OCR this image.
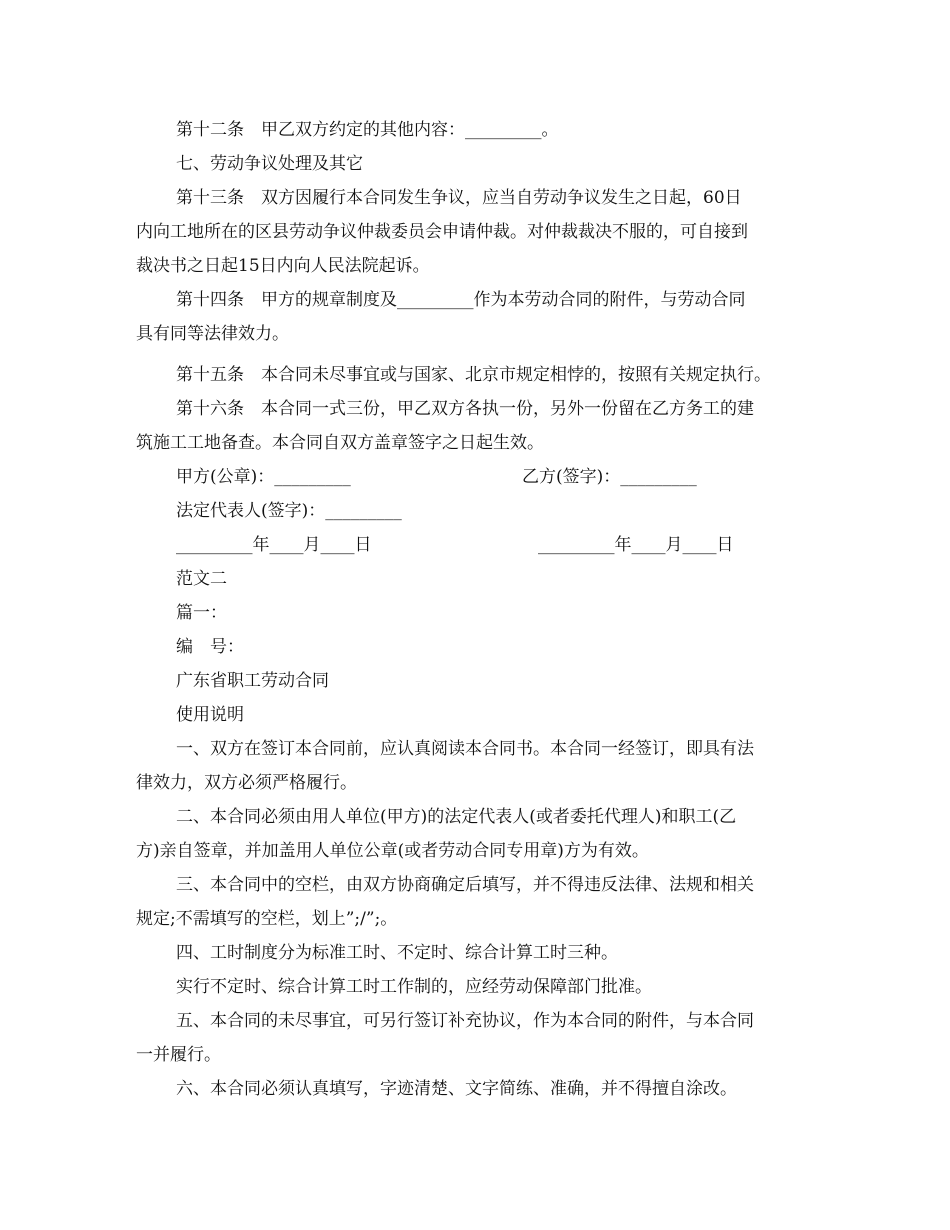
第十二条　甲乙双方约定的其他内容：_________。
七、劳动争议处理及其它
第十三条　双方因履行本合同发生争议，应当自劳动争议发生之日起，60日
内向工地所在的区县劳动争议仲裁委员会申请仲裁。对仲裁裁决不服的，可自接到
裁决书之日起15日内向人民法院起诉。
第十四条　甲方的规章制度及_________作为本劳动合同的附件，与劳动合同
具有同等法律效力。
第十五条　本合同未尽事宜或与国家、北京市规定相悖的，按照有关规定执行。
第十六条　本合同一式三份，甲乙双方各执一份，另外一份留在乙方务工的建
筑施工工地备查。本合同自双方盖章签字之日起生效。
甲方(公章)：_________	乙方(签字)：_________
法定代表人(签字)：_________
_________年____月____日	_________年____月____日
范文二
篇一：
编　号：
广东省职工劳动合同
使用说明
一、双方在签订本合同前，应认真阅读本合同书。本合同一经签订，即具有法
律效力，双方必须严格履行。
二、本合同必须由用人单位(甲方)的法定代表人(或者委托代理人)和职工(乙
方)亲自签章，并加盖用人单位公章(或者劳动合同专用章)方为有效。
三、本合同中的空栏，由双方协商确定后填写，并不得违反法律、法规和相关
规定;不需填写的空栏，划上”;/”;。
四、工时制度分为标准工时、不定时、综合计算工时三种。
实行不定时、综合计算工时工作制的，应经劳动保障部门批准。
五、本合同的未尽事宜，可另行签订补充协议，作为本合同的附件，与本合同
一并履行。
六、本合同必须认真填写，字迹清楚、文字简练、准确，并不得擅自涂改。
